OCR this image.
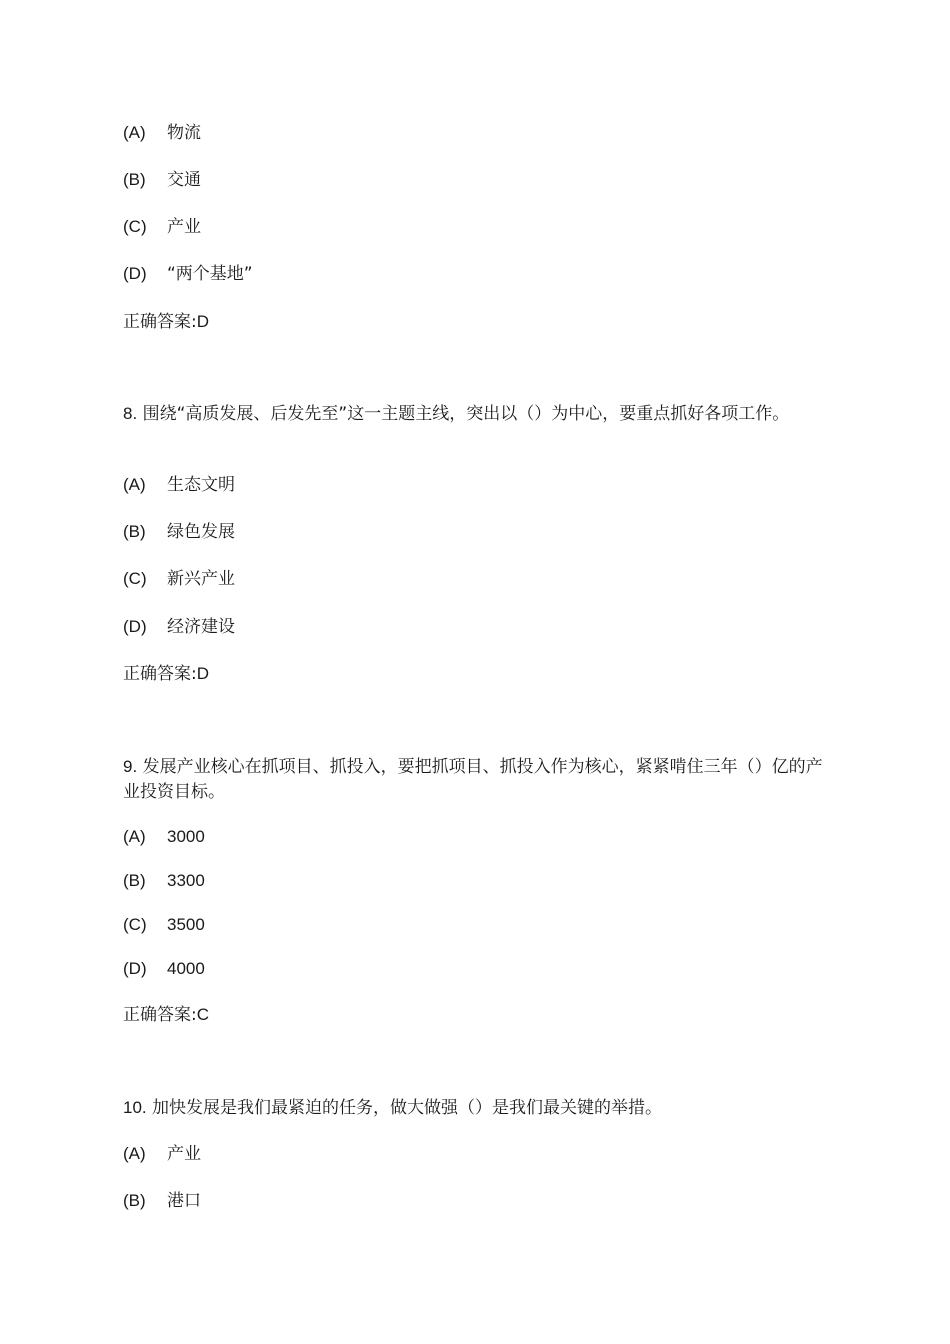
(A) 物流
(B) 交通
(C) 产业
(D) “两个基地”
正确答案:D
8. 围绕“高质发展、后发先至”这一主题主线，突出以（）为中心，要重点抓好各项工作。
(A) 生态文明
(B) 绿色发展
(C) 新兴产业
(D) 经济建设
正确答案:D
9. 发展产业核心在抓项目、抓投入，要把抓项目、抓投入作为核心，紧紧啃住三年（）亿的产业投资目标。
(A) 3000
(B) 3300
(C) 3500
(D) 4000
正确答案:C
10. 加快发展是我们最紧迫的任务，做大做强（）是我们最关键的举措。
(A) 产业
(B) 港口
